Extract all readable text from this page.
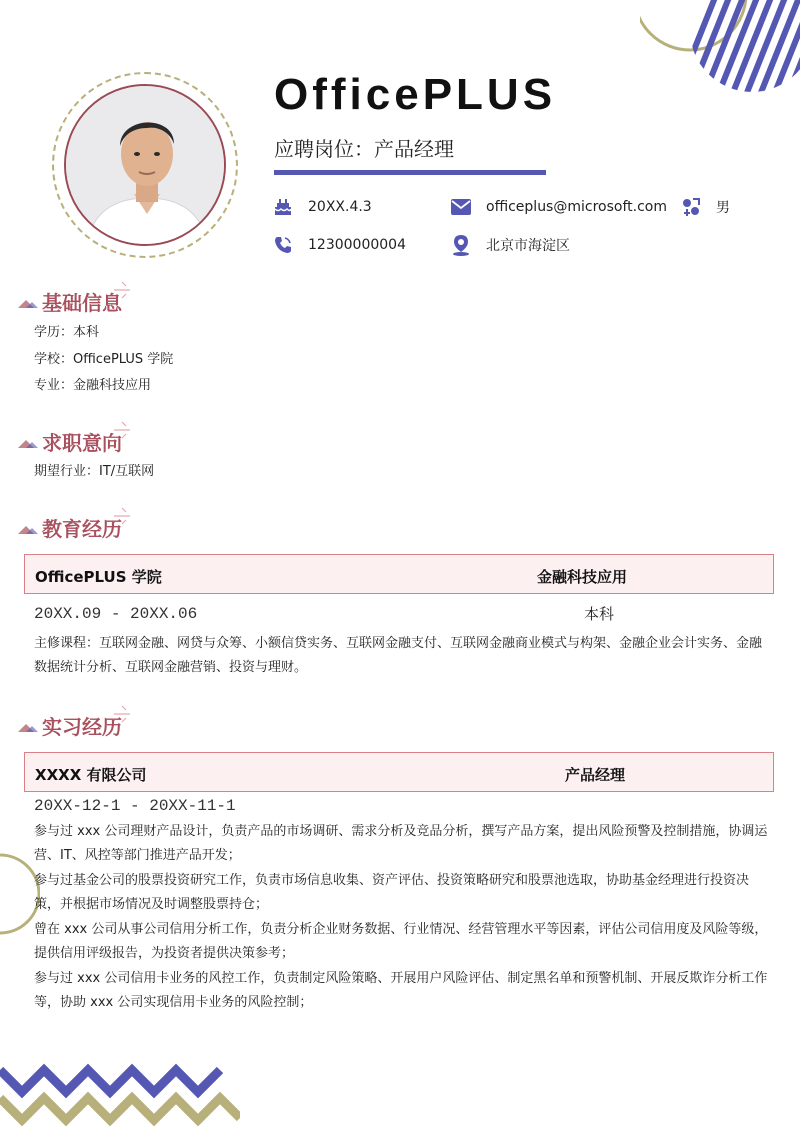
OfficePLUS
应聘岗位：产品经理
20XX.4.3	officeplus@microsoft.com	男
12300000004	北京市海淀区
基础信息
学历：本科
学校：OfficePLUS 学院
专业：金融科技应用
求职意向
期望行业：IT/互联网
教育经历
OfficePLUS 学院	金融科技应用
20XX.09 - 20XX.06	本科
主修课程：互联网金融、网贷与众筹、小额信贷实务、互联网金融支付、互联网金融商业模式与构架、金融企业会计实务、金融数据统计分析、互联网金融营销、投资与理财。
实习经历
XXXX 有限公司	产品经理
20XX-12-1 - 20XX-11-1
参与过 xxx 公司理财产品设计，负责产品的市场调研、需求分析及竞品分析，撰写产品方案，提出风险预警及控制措施，协调运营、IT、风控等部门推进产品开发；
参与过基金公司的股票投资研究工作，负责市场信息收集、资产评估、投资策略研究和股票池选取，协助基金经理进行投资决策，并根据市场情况及时调整股票持仓；
曾在 xxx 公司从事公司信用分析工作，负责分析企业财务数据、行业情况、经营管理水平等因素，评估公司信用度及风险等级，提供信用评级报告，为投资者提供决策参考；
参与过 xxx 公司信用卡业务的风控工作，负责制定风险策略、开展用户风险评估、制定黑名单和预警机制、开展反欺诈分析工作等，协助 xxx 公司实现信用卡业务的风险控制；
